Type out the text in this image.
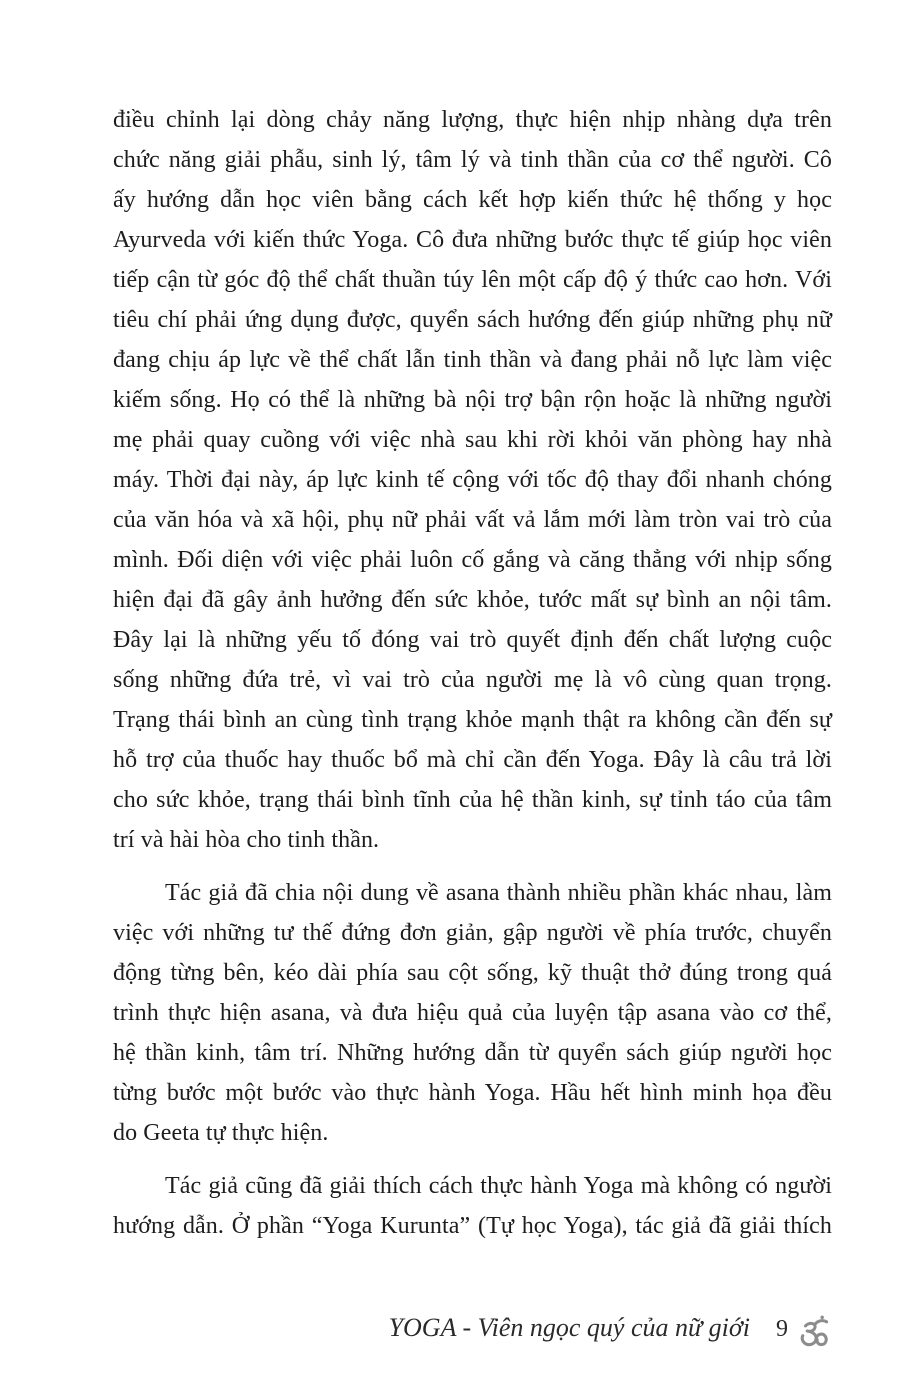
điều chỉnh lại dòng chảy năng lượng, thực hiện nhịp nhàng dựa trên
chức năng giải phẫu, sinh lý, tâm lý và tinh thần của cơ thể người. Cô
ấy hướng dẫn học viên bằng cách kết hợp kiến thức hệ thống y học
Ayurveda với kiến thức Yoga. Cô đưa những bước thực tế giúp học viên
tiếp cận từ góc độ thể chất thuần túy lên một cấp độ ý thức cao hơn. Với
tiêu chí phải ứng dụng được, quyển sách hướng đến giúp những phụ nữ
đang chịu áp lực về thể chất lẫn tinh thần và đang phải nỗ lực làm việc
kiếm sống. Họ có thể là những bà nội trợ bận rộn hoặc là những người
mẹ phải quay cuồng với việc nhà sau khi rời khỏi văn phòng hay nhà
máy. Thời đại này, áp lực kinh tế cộng với tốc độ thay đổi nhanh chóng
của văn hóa và xã hội, phụ nữ phải vất vả lắm mới làm tròn vai trò của
mình. Đối diện với việc phải luôn cố gắng và căng thẳng với nhịp sống
hiện đại đã gây ảnh hưởng đến sức khỏe, tước mất sự bình an nội tâm.
Đây lại là những yếu tố đóng vai trò quyết định đến chất lượng cuộc
sống những đứa trẻ, vì vai trò của người mẹ là vô cùng quan trọng.
Trạng thái bình an cùng tình trạng khỏe mạnh thật ra không cần đến sự
hỗ trợ của thuốc hay thuốc bổ mà chỉ cần đến Yoga. Đây là câu trả lời
cho sức khỏe, trạng thái bình tĩnh của hệ thần kinh, sự tỉnh táo của tâm
trí và hài hòa cho tinh thần.
Tác giả đã chia nội dung về asana thành nhiều phần khác nhau, làm
việc với những tư thế đứng đơn giản, gập người về phía trước, chuyển
động từng bên, kéo dài phía sau cột sống, kỹ thuật thở đúng trong quá
trình thực hiện asana, và đưa hiệu quả của luyện tập asana vào cơ thể,
hệ thần kinh, tâm trí. Những hướng dẫn từ quyển sách giúp người học
từng bước một bước vào thực hành Yoga. Hầu hết hình minh họa đều
do Geeta tự thực hiện.
Tác giả cũng đã giải thích cách thực hành Yoga mà không có người
hướng dẫn. Ở phần “Yoga Kurunta” (Tự học Yoga), tác giả đã giải thích
YOGA - Viên ngọc quý của nữ giới 9
